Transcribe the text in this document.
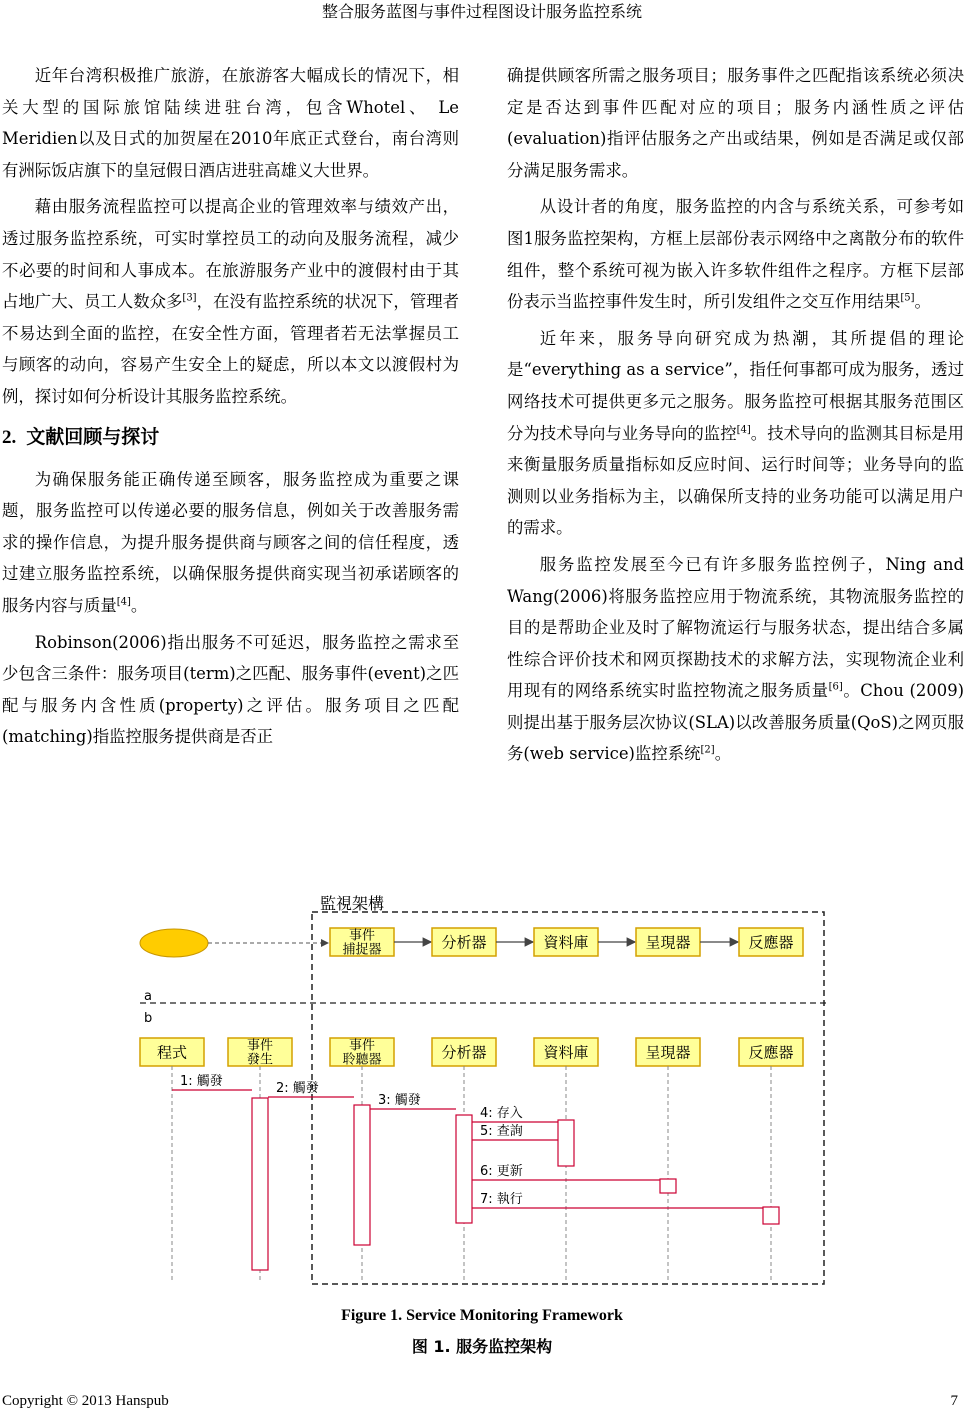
整合服务蓝图与事件过程图设计服务监控系统

近年台湾积极推广旅游，在旅游客大幅成长的情况下，相关大型的国际旅馆陆续进驻台湾，包含Whotel、 Le Meridien以及日式的加贺屋在2010年底正式登台，南台湾则有洲际饭店旗下的皇冠假日酒店进驻高雄义大世界。

藉由服务流程监控可以提高企业的管理效率与绩效产出，透过服务监控系统，可实时掌控员工的动向及服务流程，减少不必要的时间和人事成本。在旅游服务产业中的渡假村由于其占地广大、员工人数众多[3]，在没有监控系统的状况下，管理者不易达到全面的监控，在安全性方面，管理者若无法掌握员工与顾客的动向，容易产生安全上的疑虑，所以本文以渡假村为例，探讨如何分析设计其服务监控系统。

2. 文献回顾与探讨

为确保服务能正确传递至顾客，服务监控成为重要之课题，服务监控可以传递必要的服务信息，例如关于改善服务需求的操作信息，为提升服务提供商与顾客之间的信任程度，透过建立服务监控系统，以确保服务提供商实现当初承诺顾客的服务内容与质量[4]。

Robinson(2006)指出服务不可延迟，服务监控之需求至少包含三条件：服务项目(term)之匹配、服务事件(event)之匹配与服务内含性质(property)之评估。服务项目之匹配(matching)指监控服务提供商是否正

确提供顾客所需之服务项目；服务事件之匹配指该系统必须决定是否达到事件匹配对应的项目；服务内涵性质之评估(evaluation)指评估服务之产出或结果，例如是否满足或仅部分满足服务需求。

从设计者的角度，服务监控的内含与系统关系，可参考如图1服务监控架构，方框上层部份表示网络中之离散分布的软件组件，整个系统可视为嵌入许多软件组件之程序。方框下层部份表示当监控事件发生时，所引发组件之交互作用结果[5]。

近年来，服务导向研究成为热潮，其所提倡的理论是“everything as a service”，指任何事都可成为服务，透过网络技术可提供更多元之服务。服务监控可根据其服务范围区分为技术导向与业务导向的监控[4]。技术导向的监测其目标是用来衡量服务质量指标如反应时间、运行时间等；业务导向的监测则以业务指标为主，以确保所支持的业务功能可以满足用户的需求。

服务监控发展至今已有许多服务监控例子，Ning and Wang(2006)将服务监控应用于物流系统，其物流服务监控的目的是帮助企业及时了解物流运行与服务状态，提出结合多属性综合评价技术和网页探勘技术的求解方法，实现物流企业利用现有的网络系统实时监控物流之服务质量[6]。Chou (2009)则提出基于服务层次协议(SLA)以改善服务质量(QoS)之网页服务(web service)监控系统[2]。

監視架構
a
b
事件
捕捉器	分析器	資料庫	呈現器	反應器
程式	事件
發生
事件
聆聽器	分析器	資料庫	呈現器	反應器
1: 觸發	2: 觸發
3: 觸發
4: 存入
5: 查詢
6: 更新
7: 執行
Figure 1. Service Monitoring Framework
图 1. 服务监控架构
Copyright © 2013 Hanspub	7
